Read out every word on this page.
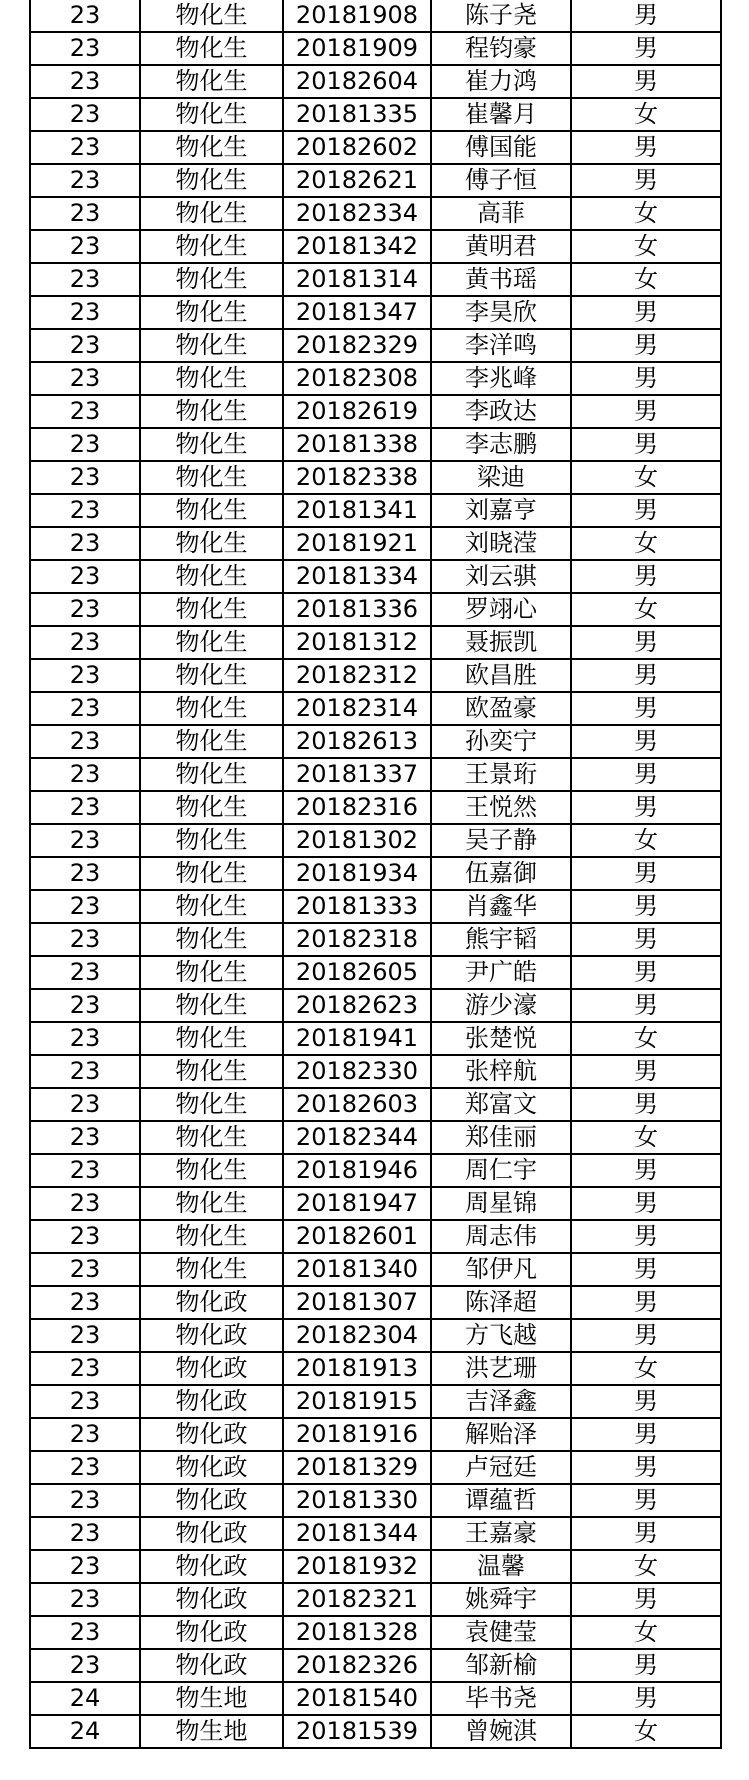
23	物化生	20181908	陈子尧	男
23	物化生	20181909	程钧豪	男
23	物化生	20182604	崔力鸿	男
23	物化生	20181335	崔馨月	女
23	物化生	20182602	傅国能	男
23	物化生	20182621	傅子恒	男
23	物化生	20182334	高菲	女
23	物化生	20181342	黄明君	女
23	物化生	20181314	黄书瑶	女
23	物化生	20181347	李昊欣	男
23	物化生	20182329	李洋鸣	男
23	物化生	20182308	李兆峰	男
23	物化生	20182619	李政达	男
23	物化生	20181338	李志鹏	男
23	物化生	20182338	梁迪	女
23	物化生	20181341	刘嘉亨	男
23	物化生	20181921	刘晓滢	女
23	物化生	20181334	刘云骐	男
23	物化生	20181336	罗翊心	女
23	物化生	20181312	聂振凯	男
23	物化生	20182312	欧昌胜	男
23	物化生	20182314	欧盈豪	男
23	物化生	20182613	孙奕宁	男
23	物化生	20181337	王景珩	男
23	物化生	20182316	王悦然	男
23	物化生	20181302	吴子静	女
23	物化生	20181934	伍嘉御	男
23	物化生	20181333	肖鑫华	男
23	物化生	20182318	熊宇韬	男
23	物化生	20182605	尹广皓	男
23	物化生	20182623	游少濠	男
23	物化生	20181941	张楚悦	女
23	物化生	20182330	张梓航	男
23	物化生	20182603	郑富文	男
23	物化生	20182344	郑佳丽	女
23	物化生	20181946	周仁宇	男
23	物化生	20181947	周星锦	男
23	物化生	20182601	周志伟	男
23	物化生	20181340	邹伊凡	男
23	物化政	20181307	陈泽超	男
23	物化政	20182304	方飞越	男
23	物化政	20181913	洪艺珊	女
23	物化政	20181915	吉泽鑫	男
23	物化政	20181916	解贻泽	男
23	物化政	20181329	卢冠廷	男
23	物化政	20181330	谭蕴哲	男
23	物化政	20181344	王嘉豪	男
23	物化政	20181932	温馨	女
23	物化政	20182321	姚舜宇	男
23	物化政	20181328	袁健莹	女
23	物化政	20182326	邹新榆	男
24	物生地	20181540	毕书尧	男
24	物生地	20181539	曾婉淇	女
